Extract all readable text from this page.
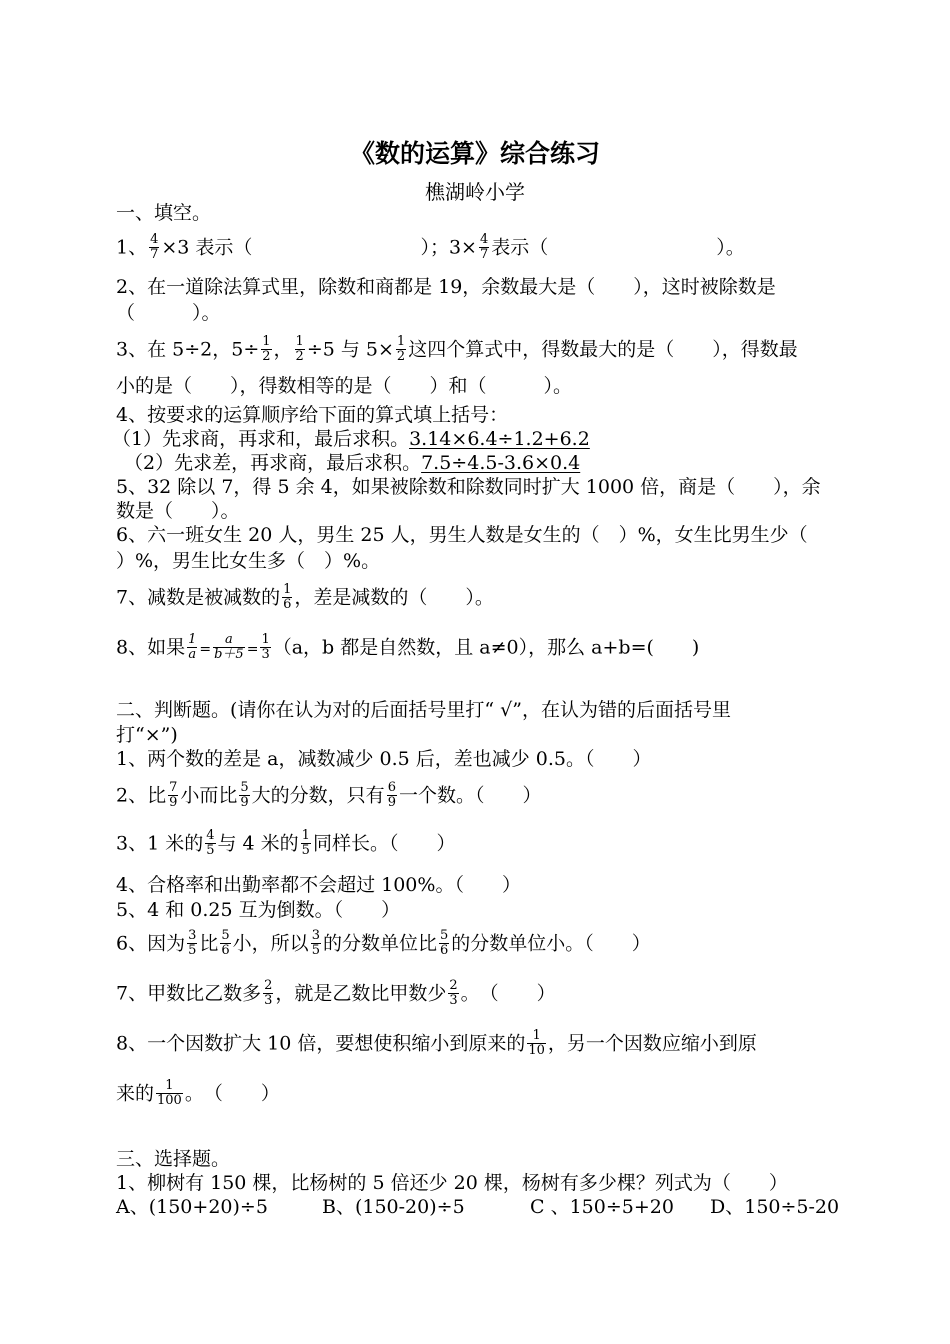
《数的运算》综合练习
樵湖岭小学
一、填空。
1、 $\frac{4}{7} \times 3$ 表示（	）；$3\times \frac{4}{7}$ 表示（	）。
2、在一道除法算式里，除数和商都是 19，余数最大是（　　），这时被除数是
（　　　）。
3、在 5÷2，$5\div \frac{1}{2}$ ， $\frac{1}{2} \div 5$ 与 $5\times \frac{1}{2}$ 这四个算式中，得数最大的是（　　），得数最
小的是（　　），得数相等的是（　　）和（　　　）。
4、按要求的运算顺序给下面的算式填上括号：
（1）先求商，再求和，最后求积。3.14×6.4÷1.2+6.2
（2）先求差，再求商，最后求积。7.5÷4.5-3.6×0.4
5、32 除以 7，得 5 余 4，如果被除数和除数同时扩大 1000 倍，商是（　　），余
数是（　　）。
6、六一班女生 20 人，男生 25 人，男生人数是女生的（　）%，女生比男生少（
）%，男生比女生多（　）%。
7、减数是被减数的 $\frac{1}{6}$ ，差是减数的（　　）。
8、如果 $\frac{1}{a} = \frac{a}{b+5} = \frac{1}{3} (a$，b 都是自然数，且 a≠0），那么 a+b=(　　)
二、判断题。(请你在认为对的后面括号里打“ √”，在认为错的后面括号里
打“×”)
1、两个数的差是 a，减数减少 0.5 后，差也减少 0.5。（　　）
2、比 $\frac{7}{9}$ 小而比 $\frac{5}{9}$ 大的分数，只有 $\frac{6}{9}$ 一个数。（　　）
3、1 米的 $\frac{4}{5}$ 与 4 米的 $\frac{1}{5}$ 同样长。（　　）
4、合格率和出勤率都不会超过 100%。（　　）
5、4 和 0.25 互为倒数。（　　）
6、因为 $\frac{3}{5}$ 比 $\frac{5}{6}$ 小，所以 $\frac{3}{5}$ 的分数单位比 $\frac{5}{6}$ 的分数单位小。（　　）
7、甲数比乙数多 $\frac{2}{3}$ ，就是乙数比甲数少 $\frac{2}{3}$ 。　（　　）
8、一个因数扩大 10 倍，要想使积缩小到原来的 $\frac{1}{10}$ ，另一个因数应缩小到原
来的 $\frac{1}{100}$ 。　（　　）
三、选择题。
1、柳树有 150 棵，比杨树的 5 倍还少 20 棵，杨树有多少棵？列式为（　　）
A、(150+20)÷5	B、(150-20)÷5	C 、150÷5+20 D、150÷5-20
